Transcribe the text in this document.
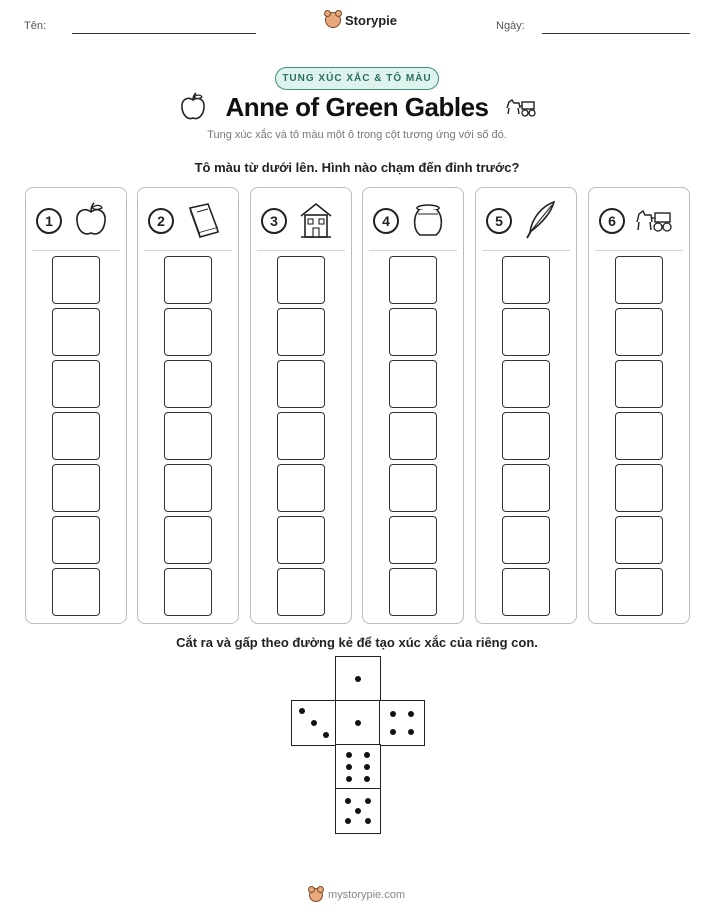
Tên:	Storypie	Ngày:
TUNG XÚC XẮC & TÔ MÀU
Anne of Green Gables
Tung xúc xắc và tô màu một ô trong cột tương ứng với số đó.
Tô màu từ dưới lên. Hình nào chạm đến đỉnh trước?
1	2	3	4	5	6
Cắt ra và gấp theo đường kẻ để tạo xúc xắc của riêng con.
mystorypie.com
